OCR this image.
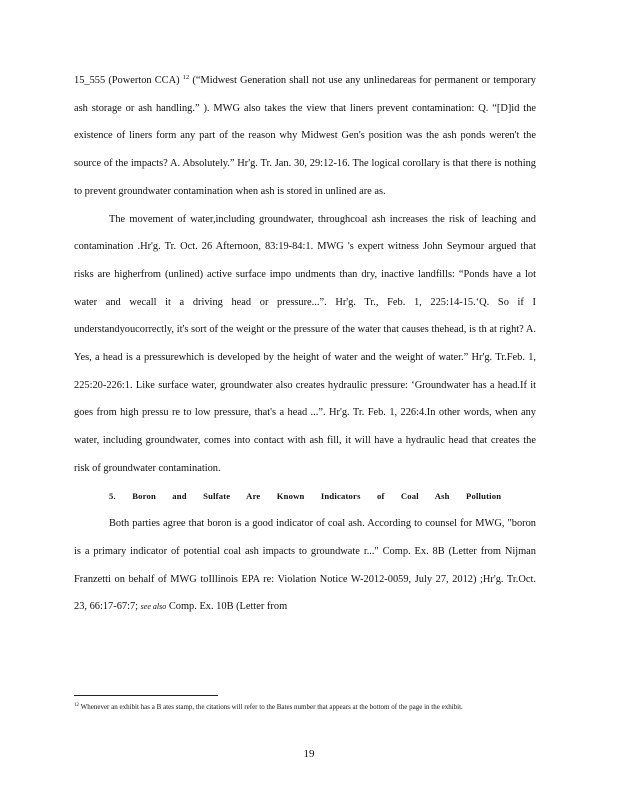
15_555 (Powerton CCA) $^{12}$ (“Midwest Generation shall not use any unlinedareas for permanent or temporary ash storage or ash handling.” ). MWG also takes the view that liners prevent contamination: Q. “[D]id the existence of liners form any part of the reason why Midwest Gen's position was the ash ponds weren't the source of the impacts? A. Absolutely.” Hr'g. Tr. Jan. 30, 29:12-16. The logical corollary is that there is nothing to prevent groundwater contamination when ash is stored in unlined are as.

The movement of water,including groundwater, throughcoal ash increases the risk of leaching and contamination .Hr'g. Tr. Oct. 26 Afternoon, 83:19-84:1. MWG 's expert witness John Seymour argued that risks are higherfrom (unlined) active surface impo undments than dry, inactive landfills: “Ponds have a lot water and wecall it a driving head or pressure...”. Hr'g. Tr., Feb. 1, 225:14-15.‘Q. So if I understandyoucorrectly, it's sort of the weight or the pressure of the water that causes thehead, is th at right? A. Yes, a head is a pressurewhich is developed by the height of water and the weight of water.” Hr'g. Tr.Feb. 1, 225:20-226:1. Like surface water, groundwater also creates hydraulic pressure: ‘Groundwater has a head.If it goes from high pressu re to low pressure, that's a head ...”. Hr'g. Tr. Feb. 1, 226:4.In other words, when any water, including groundwater, comes into contact with ash fill, it will have a hydraulic head that creates the risk of groundwater contamination.

5. Boron and Sulfate Are Known Indicators of Coal Ash Pollution

Both parties agree that boron is a good indicator of coal ash. According to counsel for MWG, "boron is a primary indicator of potential coal ash impacts to groundwate r..." Comp. Ex. 8B (Letter from Nijman Franzetti on behalf of MWG toIllinois EPA re: Violation Notice W-2012-0059, July 27, 2012) ;Hr'g. Tr.Oct. 23, 66:17-67:7; see also Comp. Ex. 10B (Letter from

$^{12}$ Whenever an exhibit has a B ates stamp, the citations will refer to the Bates number that appears at the bottom of the page in the exhibit.

19
